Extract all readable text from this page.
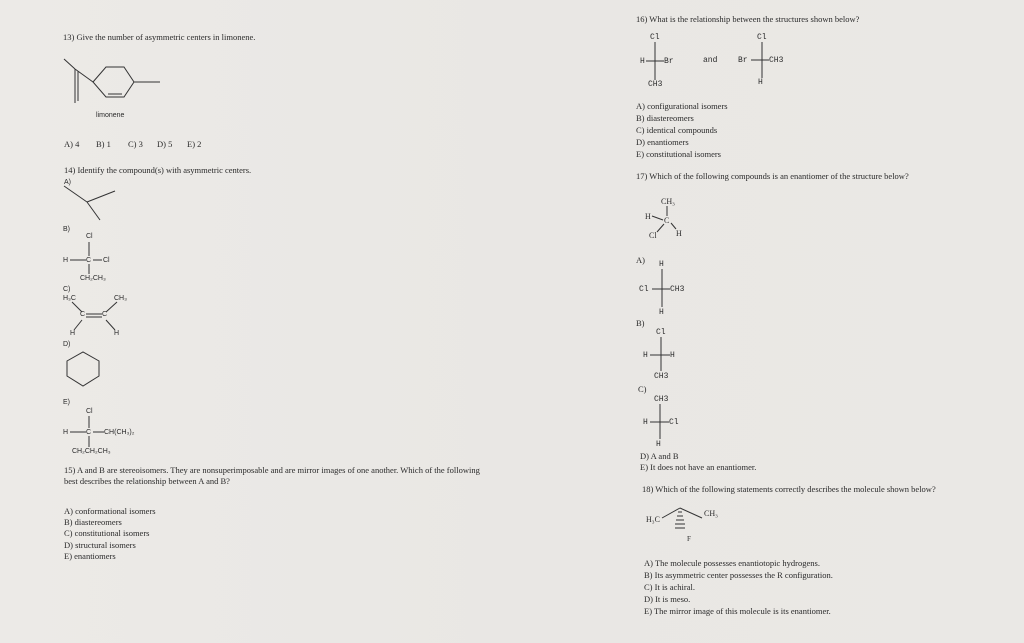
13) Give the number of asymmetric centers in limonene.
limonene
A) 4 B) 1 C) 3 D) 5 E) 2
14) Identify the compound(s) with asymmetric centers.
A)
B)
Cl
H	C Cl
CH₂CH₃
C)
H₃C	CH₃
C C
H	H
D)
E)
Cl
H	C CH(CH₃)₂
CH₂CH₂CH₃
15) A and B are stereoisomers. They are nonsuperimposable and are mirror images of one another. Which of the following
best describes the relationship between A and B?
A) conformational isomers
B) diastereomers
C) constitutional isomers
D) structural isomers
E) enantiomers
16) What is the relationship between the structures shown below?
Cl
H Br
CH3
and
Cl
Br	CH3
H
A) configurational isomers
B) diastereomers
C) identical compounds
D) enantiomers
E) constitutional isomers
17) Which of the following compounds is an enantiomer of the structure below?
CH₃
H C
Cl H
A) H
Cl	CH3
H
B)
Cl
H	H
CH3
C)
CH3
H	Cl
H
D) A and B
E) It does not have an enantiomer.
18) Which of the following statements correctly describes the molecule shown below?
H₃C
CH₃
F
A) The molecule possesses enantiotopic hydrogens.
B) Its asymmetric center possesses the R configuration.
C) It is achiral.
D) It is meso.
E) The mirror image of this molecule is its enantiomer.
